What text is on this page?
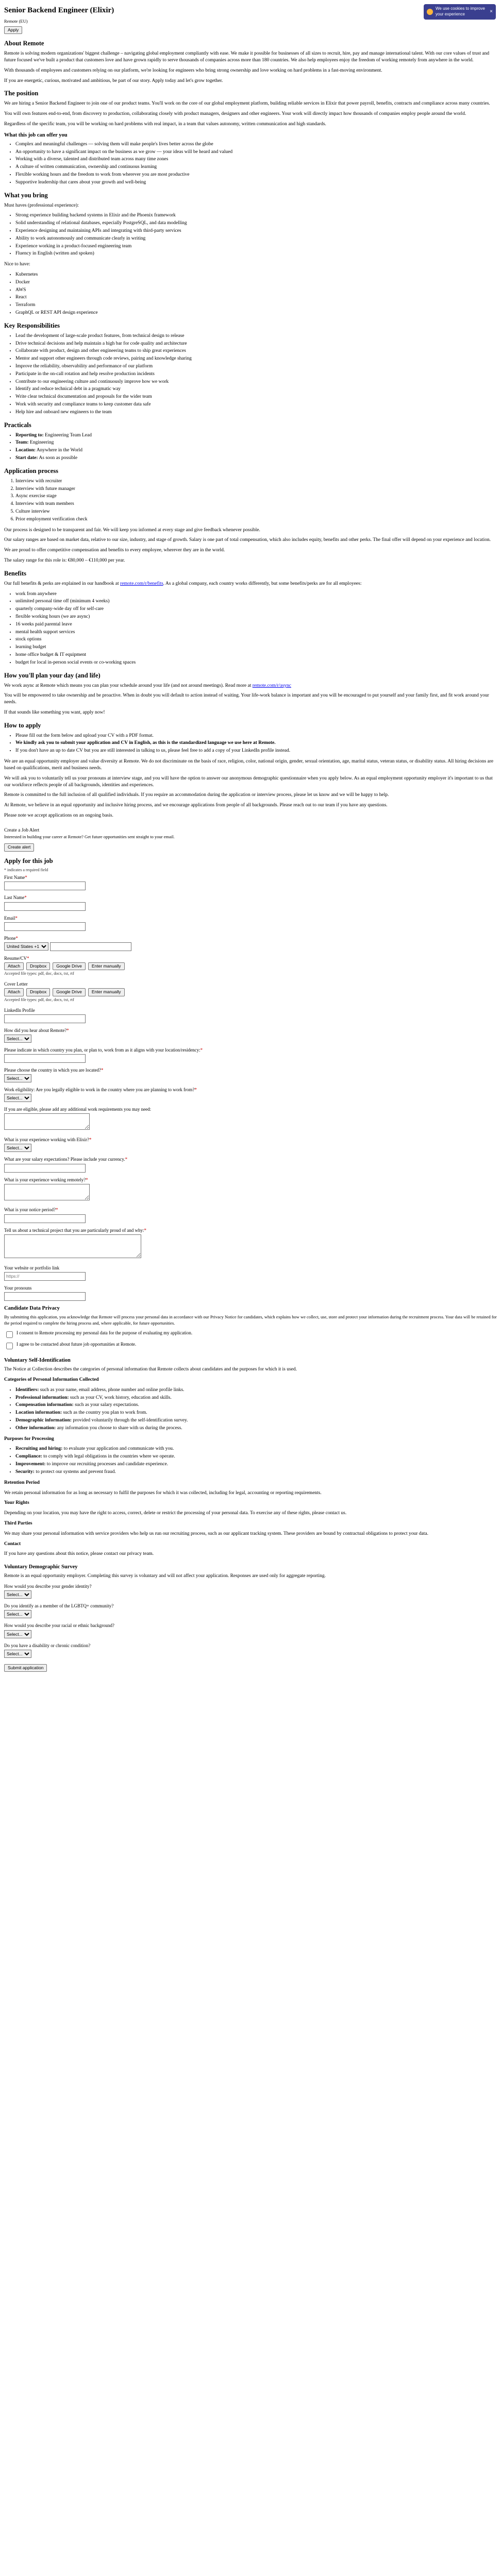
We use cookies to improve your experience	×
Senior Backend Engineer (Elixir)
Remote (EU)
Apply
About Remote

Remote is solving modern organizations' biggest challenge – navigating global employment compliantly with ease. We make it possible for businesses of all sizes to recruit, hire, pay and manage international talent. With our core values of trust and future focused we've built a product that customers love and have grown rapidly to serve thousands of companies across more than 180 countries. We also help employees enjoy the freedom of working remotely from anywhere in the world.

With thousands of employees and customers relying on our platform, we're looking for engineers who bring strong ownership and love working on hard problems in a fast-moving environment.

If you are energetic, curious, motivated and ambitious, be part of our story. Apply today and let's grow together.

The position

We are hiring a Senior Backend Engineer to join one of our product teams. You'll work on the core of our global employment platform, building reliable services in Elixir that power payroll, benefits, contracts and compliance across many countries.

You will own features end-to-end, from discovery to production, collaborating closely with product managers, designers and other engineers. Your work will directly impact how thousands of companies employ people around the world.

Regardless of the specific team, you will be working on hard problems with real impact, in a team that values autonomy, written communication and high standards.

What this job can offer you
• Complex and meaningful challenges — solving them will make people's lives better across the globe
• An opportunity to have a significant impact on the business as we grow — your ideas will be heard and valued
• Working with a diverse, talented and distributed team across many time zones
• A culture of written communication, ownership and continuous learning
• Flexible working hours and the freedom to work from wherever you are most productive
• Supportive leadership that cares about your growth and well-being
What you bring

Must haves (professional experience):

• Strong experience building backend systems in Elixir and the Phoenix framework
• Solid understanding of relational databases, especially PostgreSQL, and data modelling
• Experience designing and maintaining APIs and integrating with third-party services
• Ability to work autonomously and communicate clearly in writing
• Experience working in a product-focused engineering team
• Fluency in English (written and spoken)

Nice to have:

• Kubernetes
• Docker
• AWS
• React
• Terraform
• GraphQL or REST API design experience
Key Responsibilities
• Lead the development of large-scale product features, from technical design to release
• Drive technical decisions and help maintain a high bar for code quality and architecture
• Collaborate with product, design and other engineering teams to ship great experiences
• Mentor and support other engineers through code reviews, pairing and knowledge sharing
• Improve the reliability, observability and performance of our platform
• Participate in the on-call rotation and help resolve production incidents
• Contribute to our engineering culture and continuously improve how we work
• Identify and reduce technical debt in a pragmatic way
• Write clear technical documentation and proposals for the wider team
• Work with security and compliance teams to keep customer data safe
• Help hire and onboard new engineers to the team
Practicals
• Reporting to: Engineering Team Lead
• Team: Engineering
• Location: Anywhere in the World
• Start date: As soon as possible
Application process
1. Interview with recruiter
2. Interview with future manager
3. Async exercise stage
4. Interview with team members
5. Culture interview
6. Prior employment verification check

Our process is designed to be transparent and fair. We will keep you informed at every stage and give feedback whenever possible.

Our salary ranges are based on market data, relative to our size, industry, and stage of growth. Salary is one part of total compensation, which also includes equity, benefits and other perks. The final offer will depend on your experience and location.

We are proud to offer competitive compensation and benefits to every employee, wherever they are in the world.

The salary range for this role is: €80,000 – €110,000 per year.

Benefits

Our full benefits & perks are explained in our handbook at remote.com/r/benefits. As a global company, each country works differently, but some benefits/perks are for all employees:

• work from anywhere
• unlimited personal time off (minimum 4 weeks)
• quarterly company-wide day off for self-care
• flexible working hours (we are async)
• 16 weeks paid parental leave
• mental health support services
• stock options
• learning budget
• home office budget & IT equipment
• budget for local in-person social events or co-working spaces
How you'll plan your day (and life)

We work async at Remote which means you can plan your schedule around your life (and not around meetings). Read more at remote.com/r/async

You will be empowered to take ownership and be proactive. When in doubt you will default to action instead of waiting. Your life-work balance is important and you will be encouraged to put yourself and your family first, and fit work around your needs.

If that sounds like something you want, apply now!

How to apply
• Please fill out the form below and upload your CV with a PDF format.
• We kindly ask you to submit your application and CV in English, as this is the standardized language we use here at Remote.
• If you don't have an up to date CV but you are still interested in talking to us, please feel free to add a copy of your LinkedIn profile instead.

We are an equal opportunity employer and value diversity at Remote. We do not discriminate on the basis of race, religion, color, national origin, gender, sexual orientation, age, marital status, veteran status, or disability status. All hiring decisions are based on qualifications, merit and business needs.

We will ask you to voluntarily tell us your pronouns at interview stage, and you will have the option to answer our anonymous demographic questionnaire when you apply below. As an equal employment opportunity employer it's important to us that our workforce reflects people of all backgrounds, identities and experiences.

Remote is committed to the full inclusion of all qualified individuals. If you require an accommodation during the application or interview process, please let us know and we will be happy to help.

At Remote, we believe in an equal opportunity and inclusive hiring process, and we encourage applications from people of all backgrounds. Please reach out to our team if you have any questions.

Please note we accept applications on an ongoing basis.

Create a Job Alert

Interested in building your career at Remote? Get future opportunities sent straight to your email.

Create alert
Apply for this job
* indicates a required field
First Name*
Last Name*
Email*
Phone*
United States +1
Resume/CV*
Attach	Dropbox	Google Drive	Enter manually
Accepted file types: pdf, doc, docx, txt, rtf
Cover Letter
Attach	Dropbox	Google Drive	Enter manually
Accepted file types: pdf, doc, docx, txt, rtf
LinkedIn Profile
How did you hear about Remote?*
Select...
Please indicate in which country you plan, or plan to, work from as it aligns with your location/residency:*
Please choose the country in which you are located?*
Select...
Work eligibility: Are you legally eligible to work in the country where you are planning to work from?*
Select...
If you are eligible, please add any additional work requirements you may need:
What is your experience working with Elixir?*
Select...
What are your salary expectations? Please include your currency.*
What is your experience working remotely?*
What is your notice period?*
Tell us about a technical project that you are particularly proud of and why:*
Your website or portfolio link
https://
Your pronouns
Candidate Data Privacy

By submitting this application, you acknowledge that Remote will process your personal data in accordance with our Privacy Notice for candidates, which explains how we collect, use, store and protect your information during the recruitment process. Your data will be retained for the period required to complete the hiring process and, where applicable, for future opportunities.

I consent to Remote processing my personal data for the purpose of evaluating my application.
I agree to be contacted about future job opportunities at Remote.
Voluntary Self-Identification

The Notice at Collection describes the categories of personal information that Remote collects about candidates and the purposes for which it is used.

Categories of Personal Information Collected

• Identifiers: such as your name, email address, phone number and online profile links.
• Professional information: such as your CV, work history, education and skills.
• Compensation information: such as your salary expectations.
• Location information: such as the country you plan to work from.
• Demographic information: provided voluntarily through the self-identification survey.
• Other information: any information you choose to share with us during the process.

Purposes for Processing

• Recruiting and hiring: to evaluate your application and communicate with you.
• Compliance: to comply with legal obligations in the countries where we operate.
• Improvement: to improve our recruiting processes and candidate experience.
• Security: to protect our systems and prevent fraud.

Retention Period

We retain personal information for as long as necessary to fulfil the purposes for which it was collected, including for legal, accounting or reporting requirements.

Your Rights

Depending on your location, you may have the right to access, correct, delete or restrict the processing of your personal data. To exercise any of these rights, please contact us.

Third Parties

We may share your personal information with service providers who help us run our recruiting process, such as our applicant tracking system. These providers are bound by contractual obligations to protect your data.

Contact

If you have any questions about this notice, please contact our privacy team.

Voluntary Demographic Survey

Remote is an equal opportunity employer. Completing this survey is voluntary and will not affect your application. Responses are used only for aggregate reporting.

How would you describe your gender identity?
Select...
Do you identify as a member of the LGBTQ+ community?
Select...
How would you describe your racial or ethnic background?
Select...
Do you have a disability or chronic condition?
Select...
Submit application
